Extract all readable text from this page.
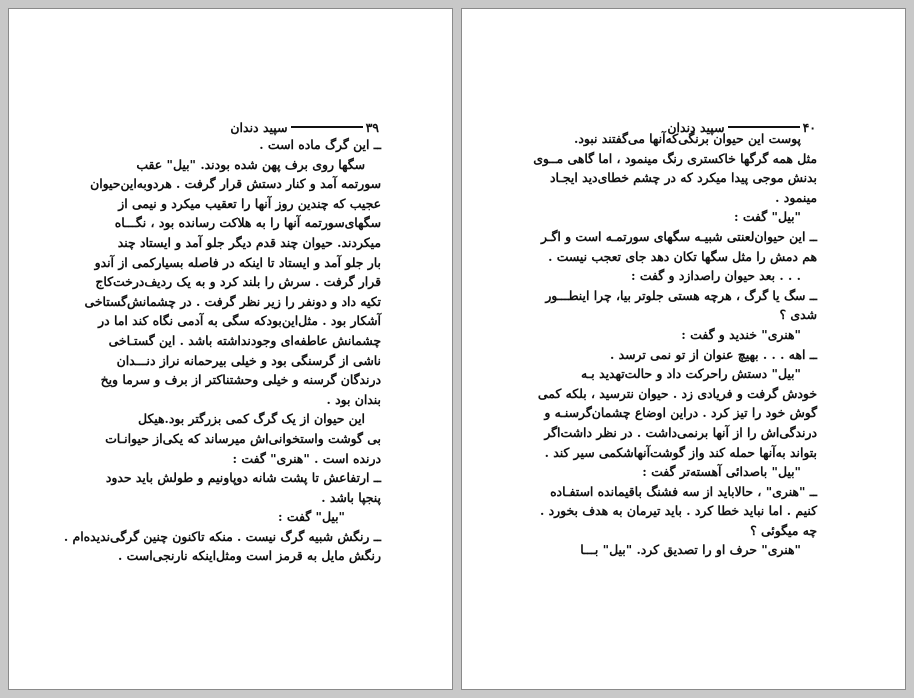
۳۹
سپید دندان
ــ این گرگ ماده است .
سگها روی برف پهن شده بودند. "بیل" عقب
سورتمه آمد و کنار دستش قرار گرفت . هردوبه‌این‌حیوان
عجیب که چندین روز آنها را تعقیب میکرد و نیمی از
سگهای‌سورتمه آنها را به هلاکت رسانده بود ، نگـــاه
میکردند. حیوان چند قدم دیگر جلو آمد و ایستاد چند
بار جلو آمد و ایستاد تا اینکه در فاصله بسیارکمی از آندو
قرار گرفت . سرش را بلند کرد و به یک ردیف‌درخت‌کاج
تکیه داد و دونفر را زیر نظر گرفت . در چشمانش‌گستاخی
آشکار بود . مثل‌این‌بودکه سگی به آدمی نگاه کند اما در
چشمانش عاطفه‌ای وجودنداشته باشد . این گستـاخی
ناشی از گرسنگی بود و خیلی بیرحمانه نراز دنـــدان
درندگان گرسنه و خیلی وحشتناکتر از برف و سرما ویخ
بندان بود .
این حیوان از یک گرگ کمی بزرگتر بود.هیکل
بی گوشت واستخوانی‌اش میرساند که یکی‌از حیوانـات
درنده است . "هنری" گفت :
ــ ارتفاعش تا پشت شانه دوپاونیم و طولش باید حدود
پنجپا باشد .
"بیل" گفت :
ــ رنگش شبیه گرگ نیست . منکه تاکنون چنین گرگی‌ندیده‌ام .
رنگش مایل به قرمز است ومثل‌اینکه نارنجی‌است .
۴۰
سپید دندان
پوست این حیوان برنگی‌که‌آنها می‌گفتند نبود.
مثل همه گرگها خاکستری رنگ مینمود ، اما گاهی مــوی
بدنش موجی پیدا میکرد که در چشم خطای‌دید ایجـاد
مینمود .
"بیل" گفت :
ــ این حیوان‌لعنتی شبیـه سگهای سورتمـه است و اگـر
هم دمش را مثل سگها تکان دهد جای تعجب نیست .
. . . بعد حیوان راصدازد و گفت :
ــ سگ یا گرگ ، هرچه هستی جلوتر بیا، چرا اینطـــور
شدی ؟
"هنری" خندید و گفت :
ــ اهه . . . بهیچ عنوان از تو نمی ترسد .
"بیل" دستش راحرکت داد و حالت‌تهدید بـه
خودش گرفت و فریادی زد . حیوان نترسید ، بلکه کمی
گوش خود را تیز کرد . دراین اوضاع چشمان‌گرسنـه و
درندگی‌اش را از آنها برنمی‌داشت . در نظر داشت‌اگر
بتواند به‌آنها حمله کند واز گوشت‌آنهاشکمی سیر کند .
"بیل" باصدائی آهسته‌تر گفت :
ــ "هنری" ، حالاباید از سه فشنگ باقیمانده استفـاده
کنیم . اما نباید خطا کرد . باید تیرمان به هدف بخورد .
چه میگوئی ؟
"هنری" حرف او را تصدیق کرد. "بیل" بـــا
